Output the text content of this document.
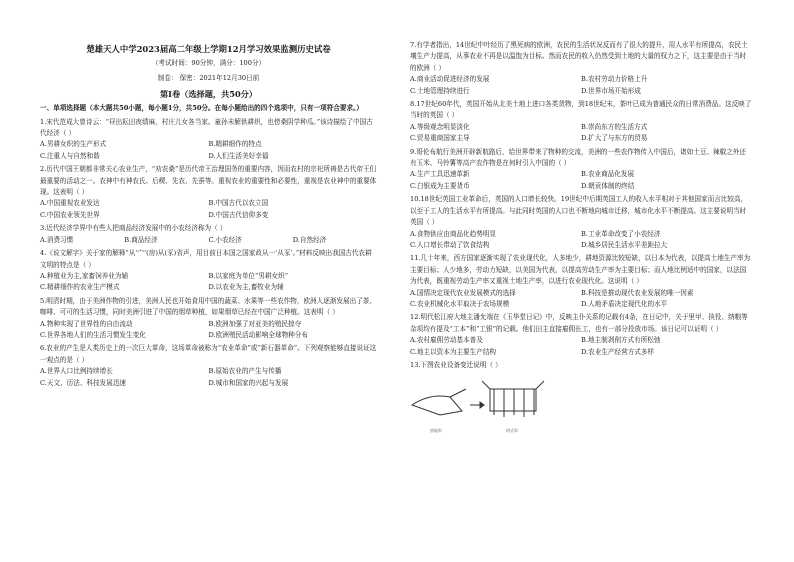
楚雄天人中学2023届高二年级上学期12月学习效果监测历史试卷
（考试时间：90分钟，满分：100分）
制卷： 保密：2021年12月30日前
第Ⅰ卷（选择题，共50分）
一、单项选择题（本大题共50小题，每小题1分，共50分。在每小题给出的四个选项中，只有一项符合要求。）

1.宋代范成大曾诗云：“昼出耘田夜绩麻，村庄儿女各当家。童孙未解供耕织，也傍桑阴学种瓜。”该诗描绘了中国古代经济（ ）

A.男耕女织的生产形式	B.精耕细作的特点
C.注重人与自然和谐	D.人们生活美好幸福

2.历代中国王朝都非常关心农业生产，“劝农桑”是历代帝王治理国务的重要内容，因而农村的宗祀所祷是古代帝王们最重要的活动之一。农神中有神农氏、后稷、先农、先蚕等。重视农业的重要性和必要性，重视是农业神中的重要体现。这表明（ ）

A.中国重视农业发达	B.中国古代以农立国
C.中国农业领先世界	D.中国古代信仰多变

3.近代经济学界中有些人把商品经济发展中的小农经济称为（ ）

A.消费习惯	B.商品经济	C.小农经济	D.自然经济

4.《说文解字》关于家的解释“从‘宀’(房)从(豕)省声，用目前日本国之国家政从一‘从豕’。”材料反映出我国古代农耕文明的特点是（ ）

A.种植业为主,家畜饲养业为辅	B.以家庭为单位“男耕女织”
C.精耕细作的农业生产模式	D.以农业为主,畜牧业为辅

5.明清时期，由于美洲作物的引进，美洲人民也开始食用中国的蔬菜、水果等一些农作物，欧洲人逐渐发展出了茶、咖啡、可可的生活习惯，同时美洲引进了中国的烟草种植，如果烟草已经在中国广泛种植。这表明（ ）

A.物种实现了世界性的自由流动	B.欧洲加强了对亚美的殖民掠夺
C.世界各地人们的生活习惯发生变化	D.欧洲殖民活动影响全球物种分布

6.农业的产生是人类历史上的一次巨大革命，这场革命被称为“农业革命”或“新石器革命”。下列观察能够直接说证这一观点的是（ ）

A.世界人口比例持续增长	B.原始农业的产生与传播
C.天文、历法、科技发展迅速	D.城市和国家的兴起与发展

7.有学者指出，14世纪中叶经历了黑死病的欧洲，农民的生活状况反而有了很大的提升，用人水平有所提高，农民土壤生产力提高，从事农业不再是以温饱为目标。然而农民的收入仍然受到土地的大量的权力之下，这主要是由于当时的欧洲（ ）

A.商业活动促进经济的发展	B.农村劳动力价格上升
C.土地管理持续进行	D.世界市场开始形成

8.17世纪60年代，英国开始从北美土地上进口各类货物，到18世纪末，茶叶已成为普通民众的日常消费品。这反映了当时的英国（ ）

A.等级观念明显淡化	B.崇尚东方的生活方式
C.贸易重商国家主导	D.扩大了与东方的贸易

9.哥伦布航行美洲开辟新航路后，给世界带来了物种的交流，美洲的一些农作物传入中国后，诸如土豆、辣椒之外还有玉米、马铃薯等高产农作物是在何时引入中国的（ ）

A.生产工具迅速革新	B.农业商品化发展
C.白银成为主要货币	D.朝贡体制的终结

10.18世纪英国工业革命后，英国的人口增长较快。19世纪中后期英国工人的收入水平相对于其他国家而言比较高，以至于工人的生活水平有所提高。与此同时英国的人口也不断地向城市迁移，城市化水平不断提高。这主要说明当时英国（ ）

A.食物供应由商品化趋势明显	B.工业革命改变了小农经济
C.人口增长带动了饮食结构	D.城乡居民生活水平差距拉大

11.几十年来，西方国家逐渐实现了农业现代化，人多地少，耕地资源比较短缺，以日本为代表，以提高土地生产率为主要目标；人少地多，劳动力短缺，以美国为代表，以提高劳动生产率为主要目标；而人地比例适中的国家，以法国为代表，既重视劳动生产率又重视土地生产率，以进行农业现代化。这说明（ ）

A.国情决定现代农业发展模式的选择	B.科技是推动现代农业发展的唯一因素
C.农业机械化水平取决于农场规模	D.人地矛盾决定现代化的水平

12.明代松江府大地主潘允端在《玉华堂日记》中，反映主仆关系的记载有4条，在日记中，关于里甲、执役、纳粮等杂项均有提及“工本”和“工银”的记载。他们田主直接雇佣长工，也有一部分投放市场。该日记可以证明（ ）

A.农村雇佣劳动基本普及	B.地主制剥削方式有所松弛
C.地主以资本为主要生产结构	D.农业生产经营方式多样

13.下图农业设备变迁说明（ ）

曲辕犁	耕式犁
